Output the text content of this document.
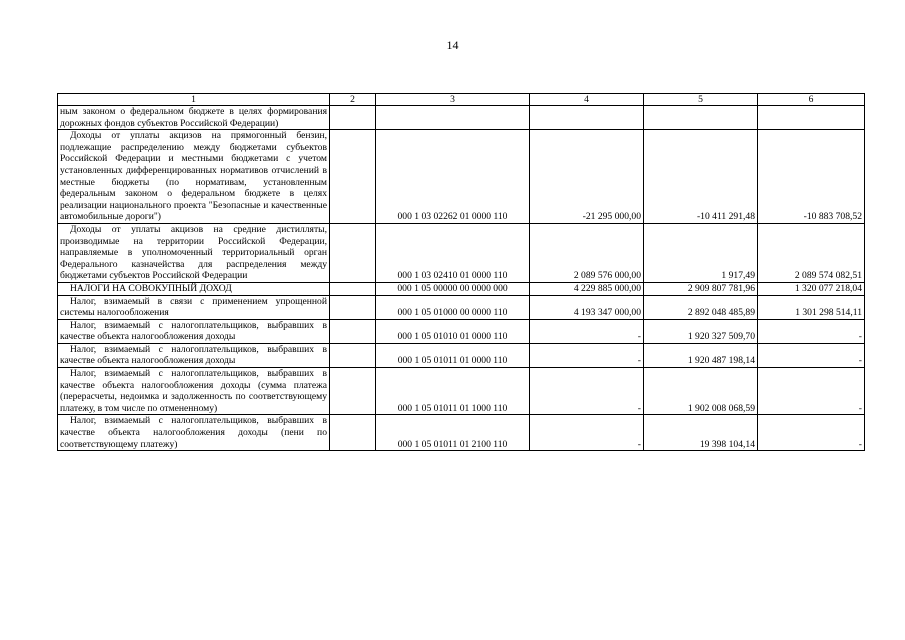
14
1	2	3	4	5	6
ным законом о федеральном бюджете в целях формирования дорожных фондов субъектов Российской Федерации)					
Доходы от уплаты акцизов на прямогонный бензин, подлежащие распределению между бюджетами субъектов Российской Федерации и местными бюджетами с учетом установленных дифференцированных нормативов отчислений в местные бюджеты (по нормативам, установленным федеральным законом о федеральном бюджете в целях реализации национального проекта "Безопасные и качественные автомобильные дороги")		000 1 03 02262 01 0000 110	-21 295 000,00	-10 411 291,48	-10 883 708,52
Доходы от уплаты акцизов на средние дистилляты, производимые на территории Российской Федерации, направляемые в уполномоченный территориальный орган Федерального казначейства для распределения между бюджетами субъектов Российской Федерации		000 1 03 02410 01 0000 110	2 089 576 000,00	1 917,49	2 089 574 082,51
НАЛОГИ НА СОВОКУПНЫЙ ДОХОД		000 1 05 00000 00 0000 000	4 229 885 000,00	2 909 807 781,96	1 320 077 218,04
Налог, взимаемый в связи с применением упрощенной системы налогообложения		000 1 05 01000 00 0000 110	4 193 347 000,00	2 892 048 485,89	1 301 298 514,11
Налог, взимаемый с налогоплательщиков, выбравших в качестве объекта налогообложения доходы		000 1 05 01010 01 0000 110	-	1 920 327 509,70	-
Налог, взимаемый с налогоплательщиков, выбравших в качестве объекта налогообложения доходы		000 1 05 01011 01 0000 110	-	1 920 487 198,14	-
Налог, взимаемый с налогоплательщиков, выбравших в качестве объекта налогообложения доходы (сумма платежа (перерасчеты, недоимка и задолженность по соответствующему платежу, в том числе по отмененному)		000 1 05 01011 01 1000 110	-	1 902 008 068,59	-
Налог, взимаемый с налогоплательщиков, выбравших в качестве объекта налогообложения доходы (пени по соответствующему платежу)		000 1 05 01011 01 2100 110	-	19 398 104,14	-
